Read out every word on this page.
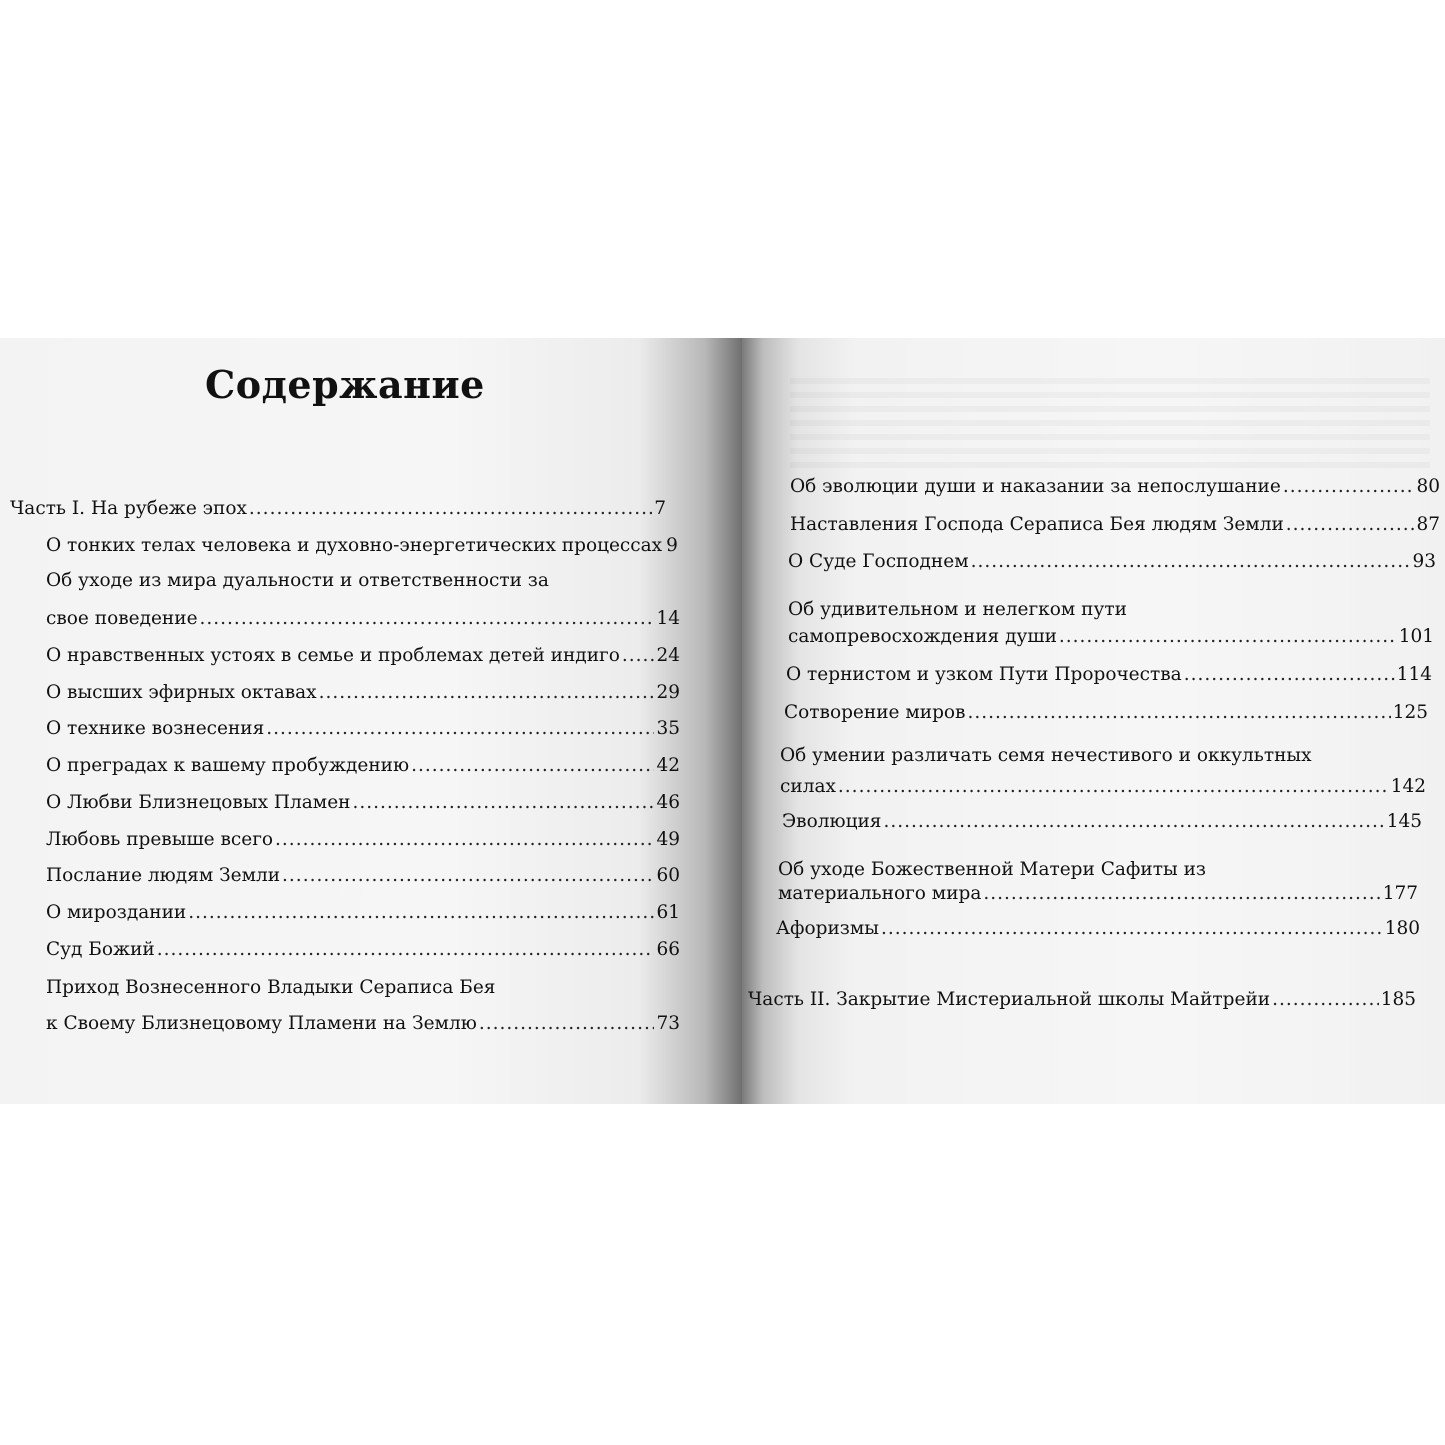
Содержание
Часть I. На рубеже эпох .....	7
О тонких телах человека и духовно-энергетических процессах 9
Об уходе из мира дуальности и ответственности за
свое поведение .....	14
О нравственных устоях в семье и проблемах детей индиго ..... 24
О высших эфирных октавах .....	29
О технике вознесения .....	35
О преградах к вашему пробуждению .....	42
О Любви Близнецовых Пламен .....	46
Любовь превыше всего .....	49
Послание людям Земли .....	60
О мироздании .....	61
Суд Божий .....	66
Приход Вознесенного Владыки Сераписа Бея
к Своему Близнецовому Пламени на Землю .....	73
Об эволюции души и наказании за непослушание .....	80
Наставления Господа Сераписа Бея людям Земли .....	87
О Суде Господнем .....	93
Об удивительном и нелегком пути
самопревосхождения души .....	101
О тернистом и узком Пути Пророчества .....	114
Сотворение миров .....	125
Об умении различать семя нечестивого и оккультных
силах .....	142
Эволюция .....	145
Об уходе Божественной Матери Сафиты из
материального мира .....	177
Афоризмы .....	180
Часть II. Закрытие Мистериальной школы Майтрейи .....	185
